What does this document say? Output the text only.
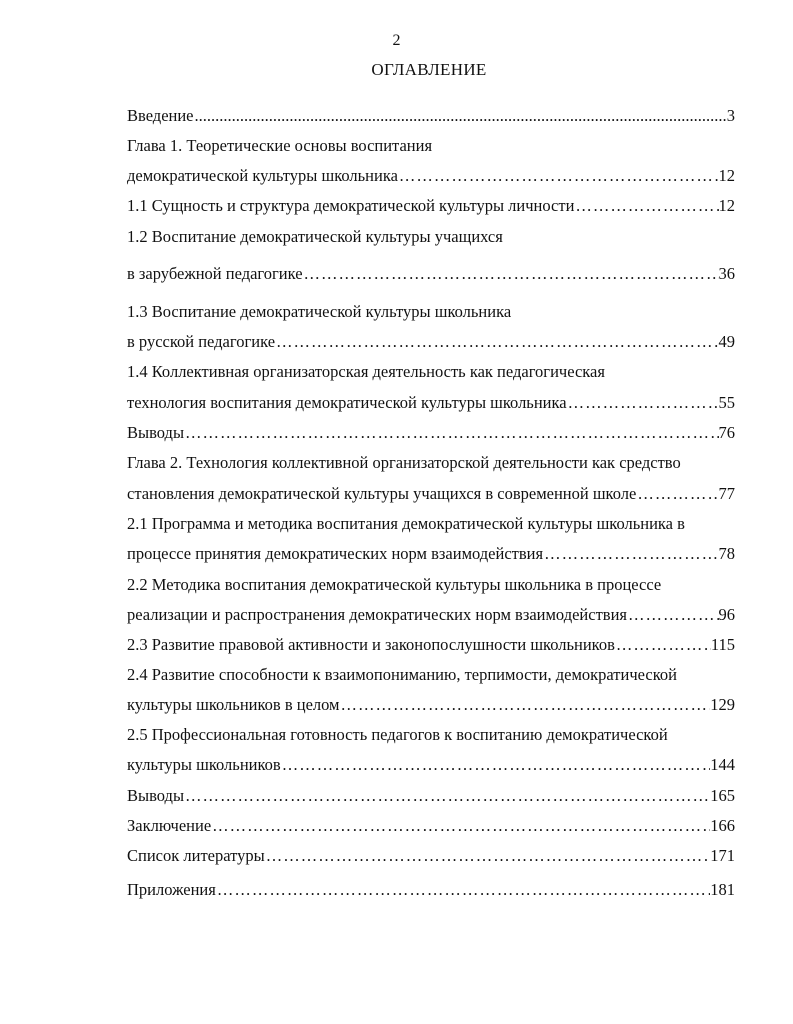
2
ОГЛАВЛЕНИЕ
Введение .....	3
Глава 1. Теоретические основы воспитания
демократической культуры школьника ………………………………………………………………………………………………………………………………………………	12
1.1 Сущность и структура демократической культуры личности ………………………………………………………………………………………………………………………………………………	12
1.2 Воспитание демократической культуры учащихся
в зарубежной педагогике ………………………………………………………………………………………………………………………………………………	36
1.3 Воспитание демократической культуры школьника
в русской педагогике ………………………………………………………………………………………………………………………………………………	49
1.4 Коллективная организаторская деятельность как педагогическая
технология воспитания демократической культуры школьника ………………………………………………………………………………………………………………………………………………	55
Выводы ………………………………………………………………………………………………………………………………………………	76
Глава 2. Технология коллективной организаторской деятельности как средство
становления демократической культуры учащихся в современной школе ………………………………………………………………………………………………………………………………………………	77
2.1 Программа и методика воспитания демократической культуры школьника в
процессе принятия демократических норм взаимодействия ………………………………………………………………………………………………………………………………………………	78
2.2 Методика воспитания демократической культуры школьника в процессе
реализации и распространения демократических норм взаимодействия ………………………………………………………………………………………………………………………………………………	96
2.3 Развитие правовой активности и законопослушности школьников ………………………………………………………………………………………………………………………………………………	115
2.4 Развитие способности к взаимопониманию, терпимости, демократической
культуры школьников в целом ………………………………………………………………………………………………………………………………………………	129
2.5 Профессиональная готовность педагогов к воспитанию демократической
культуры школьников ………………………………………………………………………………………………………………………………………………	144
Выводы ………………………………………………………………………………………………………………………………………………	165
Заключение ………………………………………………………………………………………………………………………………………………	166
Список литературы ………………………………………………………………………………………………………………………………………………	171
Приложения ………………………………………………………………………………………………………………………………………………	181
